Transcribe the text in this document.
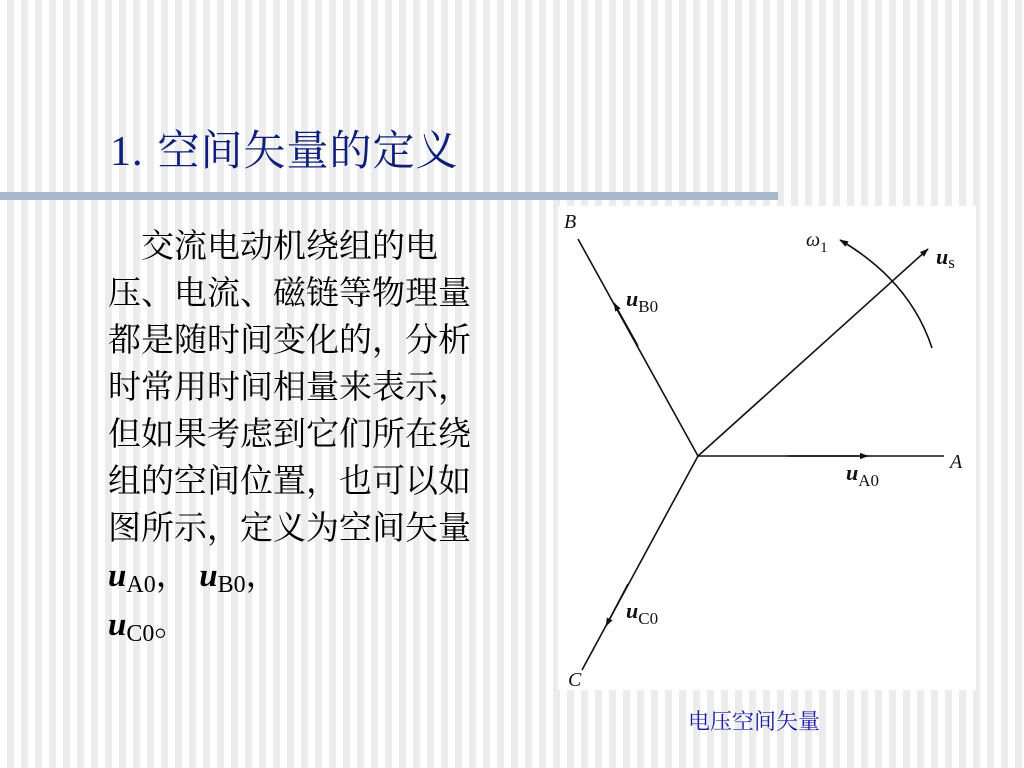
1. 空间矢量的定义
交流电动机绕组的电压、电流、磁链等物理量都是随时间变化的，分析时常用时间相量来表示，但如果考虑到它们所在绕组的空间位置，也可以如图所示，定义为空间矢量$u_{A0}$， $u_{B0}$，
$u_{C0}$。
B
A
C
$\omega_1$	us
$u_{B0}$
$u_{A0}$
$u_{C0}$
电压空间矢量
